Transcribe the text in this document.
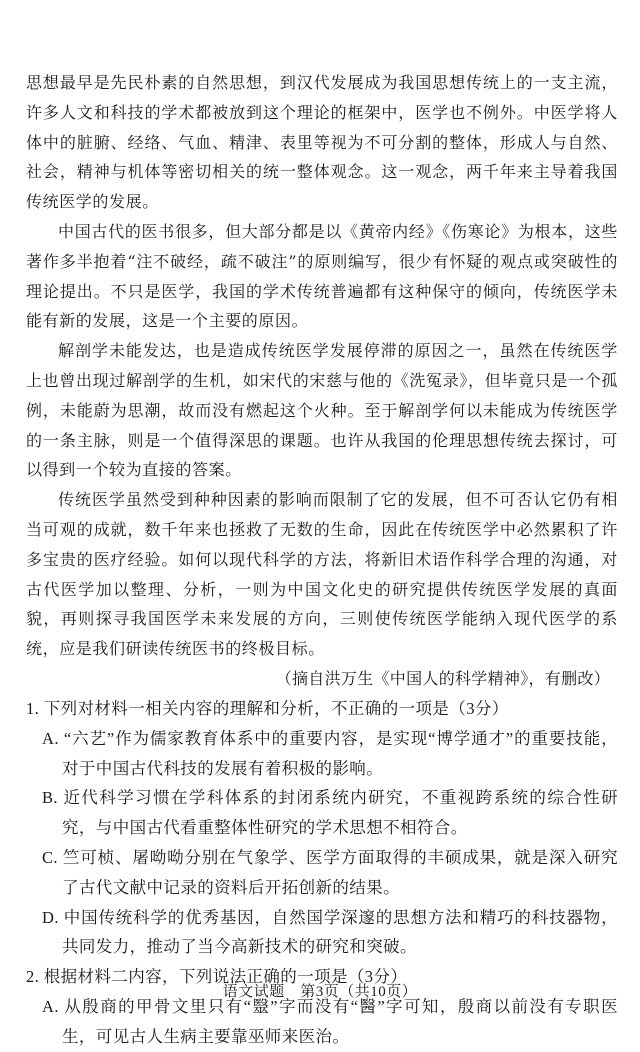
思想最早是先民朴素的自然思想，到汉代发展成为我国思想传统上的一支主流，许多人文和科技的学术都被放到这个理论的框架中，医学也不例外。中医学将人体中的脏腑、经络、气血、精津、表里等视为不可分割的整体，形成人与自然、社会，精神与机体等密切相关的统一整体观念。这一观念，两千年来主导着我国传统医学的发展。

中国古代的医书很多，但大部分都是以《黄帝内经》《伤寒论》为根本，这些著作多半抱着“注不破经，疏不破注”的原则编写，很少有怀疑的观点或突破性的理论提出。不只是医学，我国的学术传统普遍都有这种保守的倾向，传统医学未能有新的发展，这是一个主要的原因。

解剖学未能发达，也是造成传统医学发展停滞的原因之一，虽然在传统医学上也曾出现过解剖学的生机，如宋代的宋慈与他的《洗冤录》，但毕竟只是一个孤例，未能蔚为思潮，故而没有燃起这个火种。至于解剖学何以未能成为传统医学的一条主脉，则是一个值得深思的课题。也许从我国的伦理思想传统去探讨，可以得到一个较为直接的答案。

传统医学虽然受到种种因素的影响而限制了它的发展，但不可否认它仍有相当可观的成就，数千年来也拯救了无数的生命，因此在传统医学中必然累积了许多宝贵的医疗经验。如何以现代科学的方法，将新旧术语作科学合理的沟通，对古代医学加以整理、分析，一则为中国文化史的研究提供传统医学发展的真面貌，再则探寻我国医学未来发展的方向，三则使传统医学能纳入现代医学的系统，应是我们研读传统医书的终极目标。

（摘自洪万生《中国人的科学精神》，有删改）

1. 下列对材料一相关内容的理解和分析，不正确的一项是（3分）

A. “六艺”作为儒家教育体系中的重要内容，是实现“博学通才”的重要技能，对于中国古代科技的发展有着积极的影响。

B. 近代科学习惯在学科体系的封闭系统内研究，不重视跨系统的综合性研究，与中国古代看重整体性研究的学术思想不相符合。

C. 竺可桢、屠呦呦分别在气象学、医学方面取得的丰硕成果，就是深入研究了古代文献中记录的资料后开拓创新的结果。

D. 中国传统科学的优秀基因，自然国学深邃的思想方法和精巧的科技器物，共同发力，推动了当今高新技术的研究和突破。

2. 根据材料二内容，下列说法正确的一项是（3分）

A. 从殷商的甲骨文里只有“毉”字而没有“醫”字可知，殷商以前没有专职医生，可见古人生病主要靠巫师来医治。

语文试题　第3页（共10页）
